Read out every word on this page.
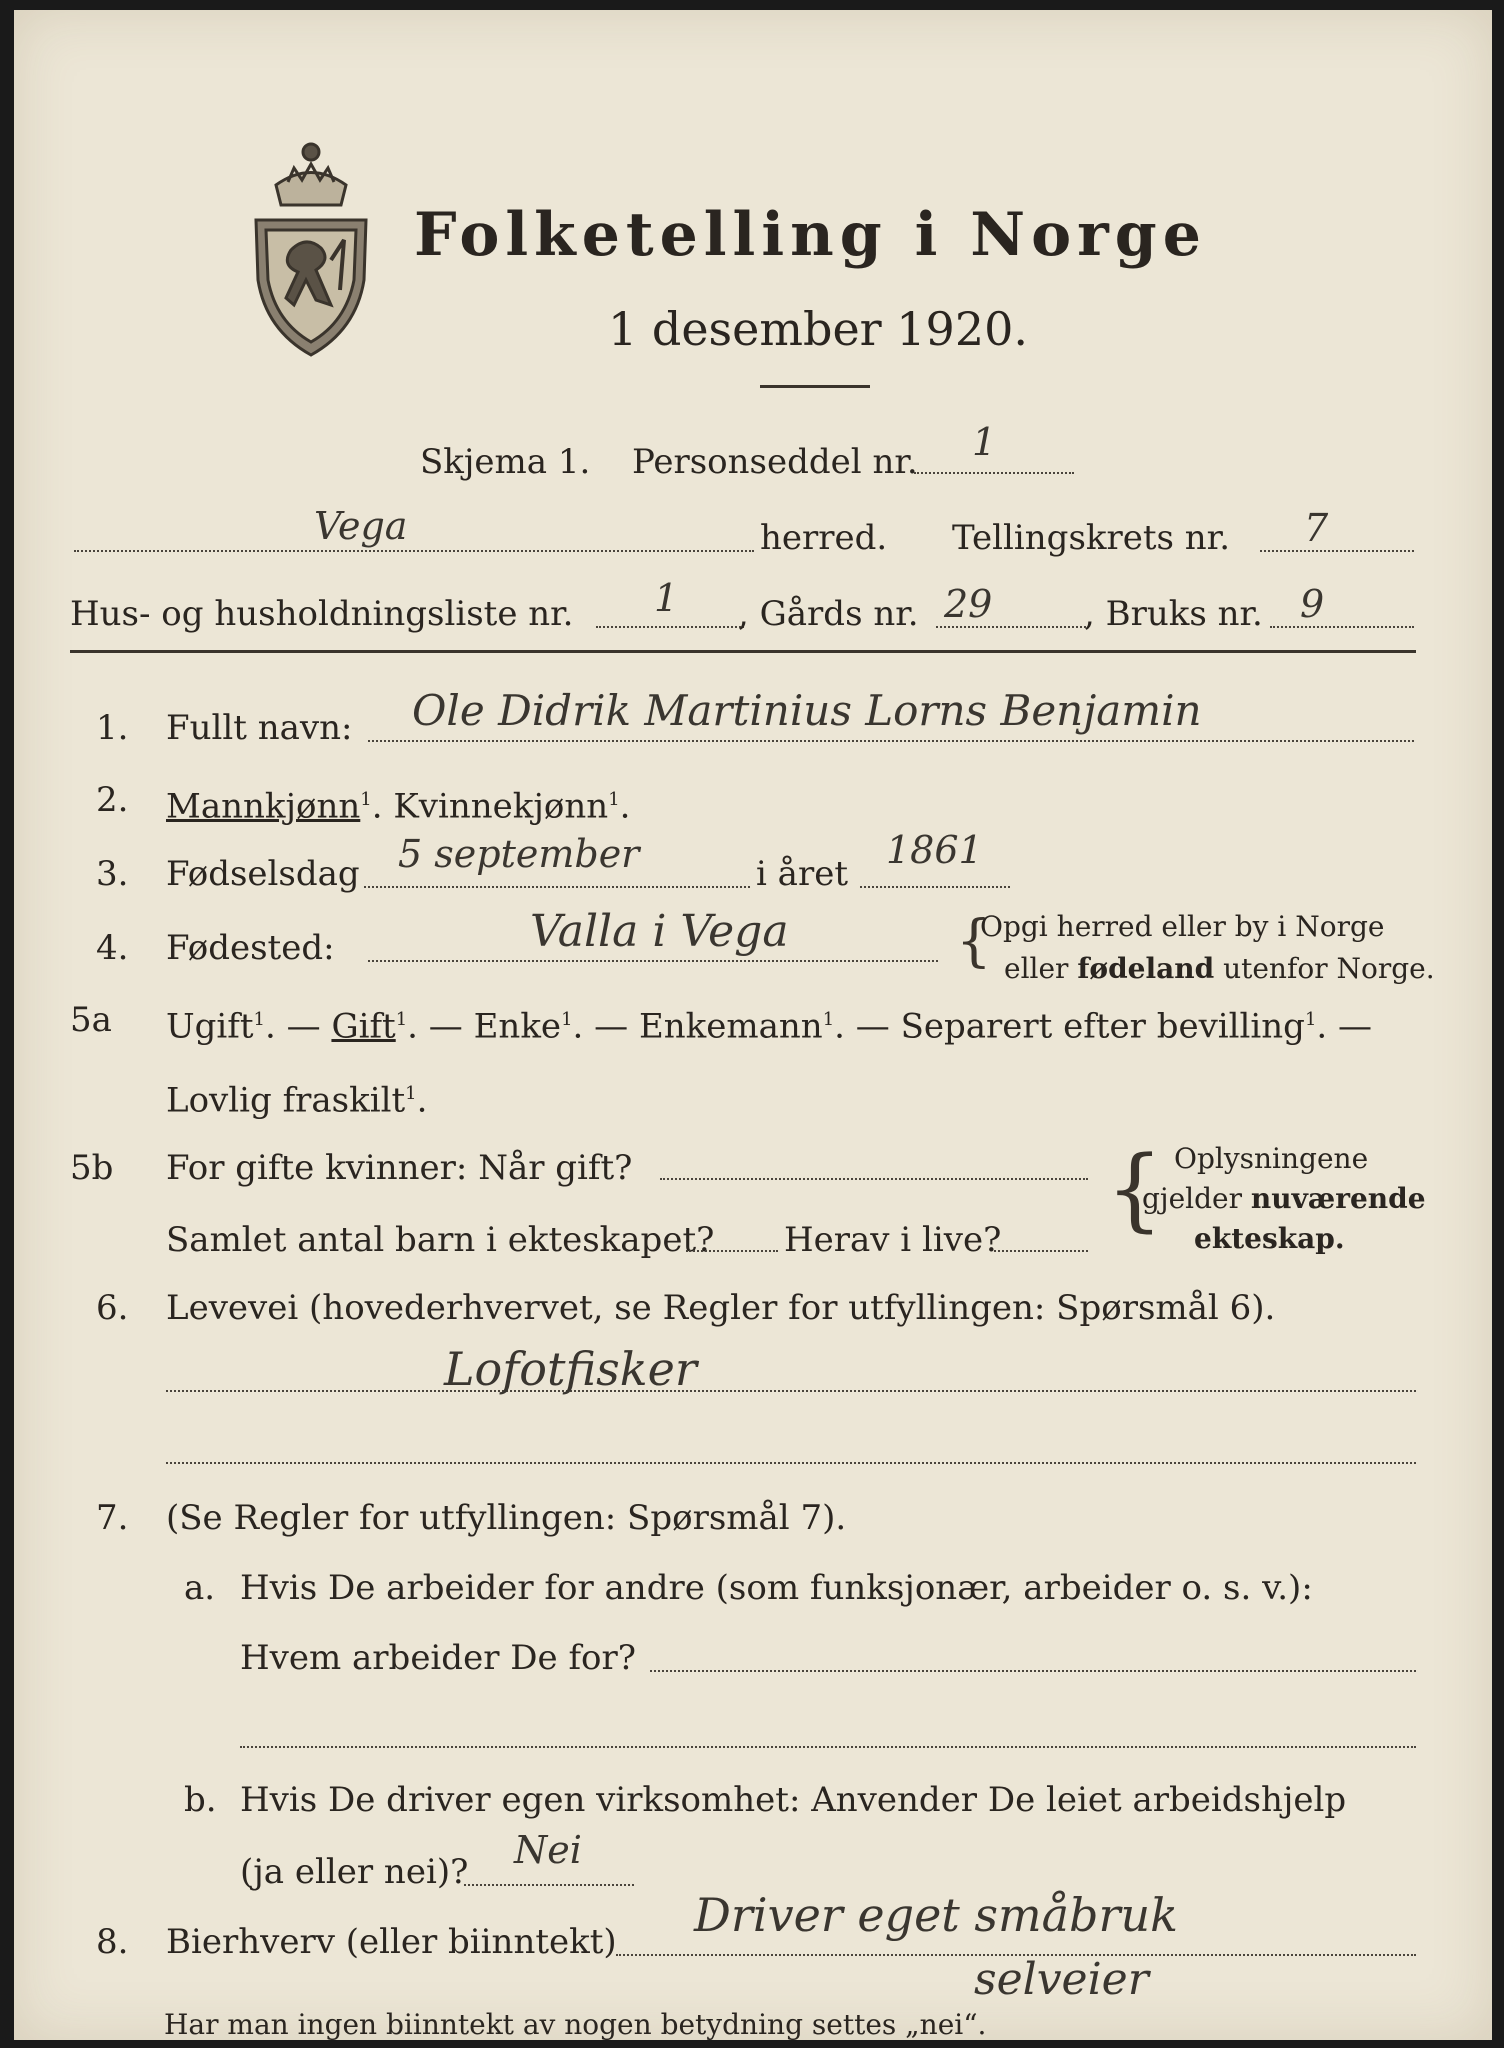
Folketelling i Norge
1 desember 1920.
Skjema 1. Personseddel nr. 1
Vega	herred. Tellingskrets nr. 7
Hus- og husholdningsliste nr. 1 , Gårds nr. 29	, Bruks nr. 9
1. Fullt navn: Ole Didrik Martinius Lorns Benjamin
2. Mannkjønn$^1$. Kvinnekjønn$^1$.
3. Fødselsdag 5 september	i året
1861
4. Fødested:	Valla i Vega	{
Opgi herred eller by i Norge
eller fødeland utenfor Norge.
5a Ugift$^1$. — Gift$^1$. — Enke$^1$. — Enkemann$^1$. — Separert efter bevilling$^1$. —
Lovlig fraskilt$^1$.
5b For gifte kvinner: Når gift?
Samlet antal barn i ekteskapet? Herav i live? { Oplysningene
gjelder nuværende
ekteskap.
6. Levevei (hovederhvervet, se Regler for utfyllingen: Spørsmål 6).
Lofotfisker
7. (Se Regler for utfyllingen: Spørsmål 7).
a. Hvis De arbeider for andre (som funksjonær, arbeider o. s. v.):
Hvem arbeider De for?
b. Hvis De driver egen virksomhet: Anvender De leiet arbeidshjelp
(ja eller nei)? Nei
8. Bierhverv (eller biinntekt) Driver eget småbruk
selveier
Har man ingen biinntekt av nogen betydning settes „nei“.
